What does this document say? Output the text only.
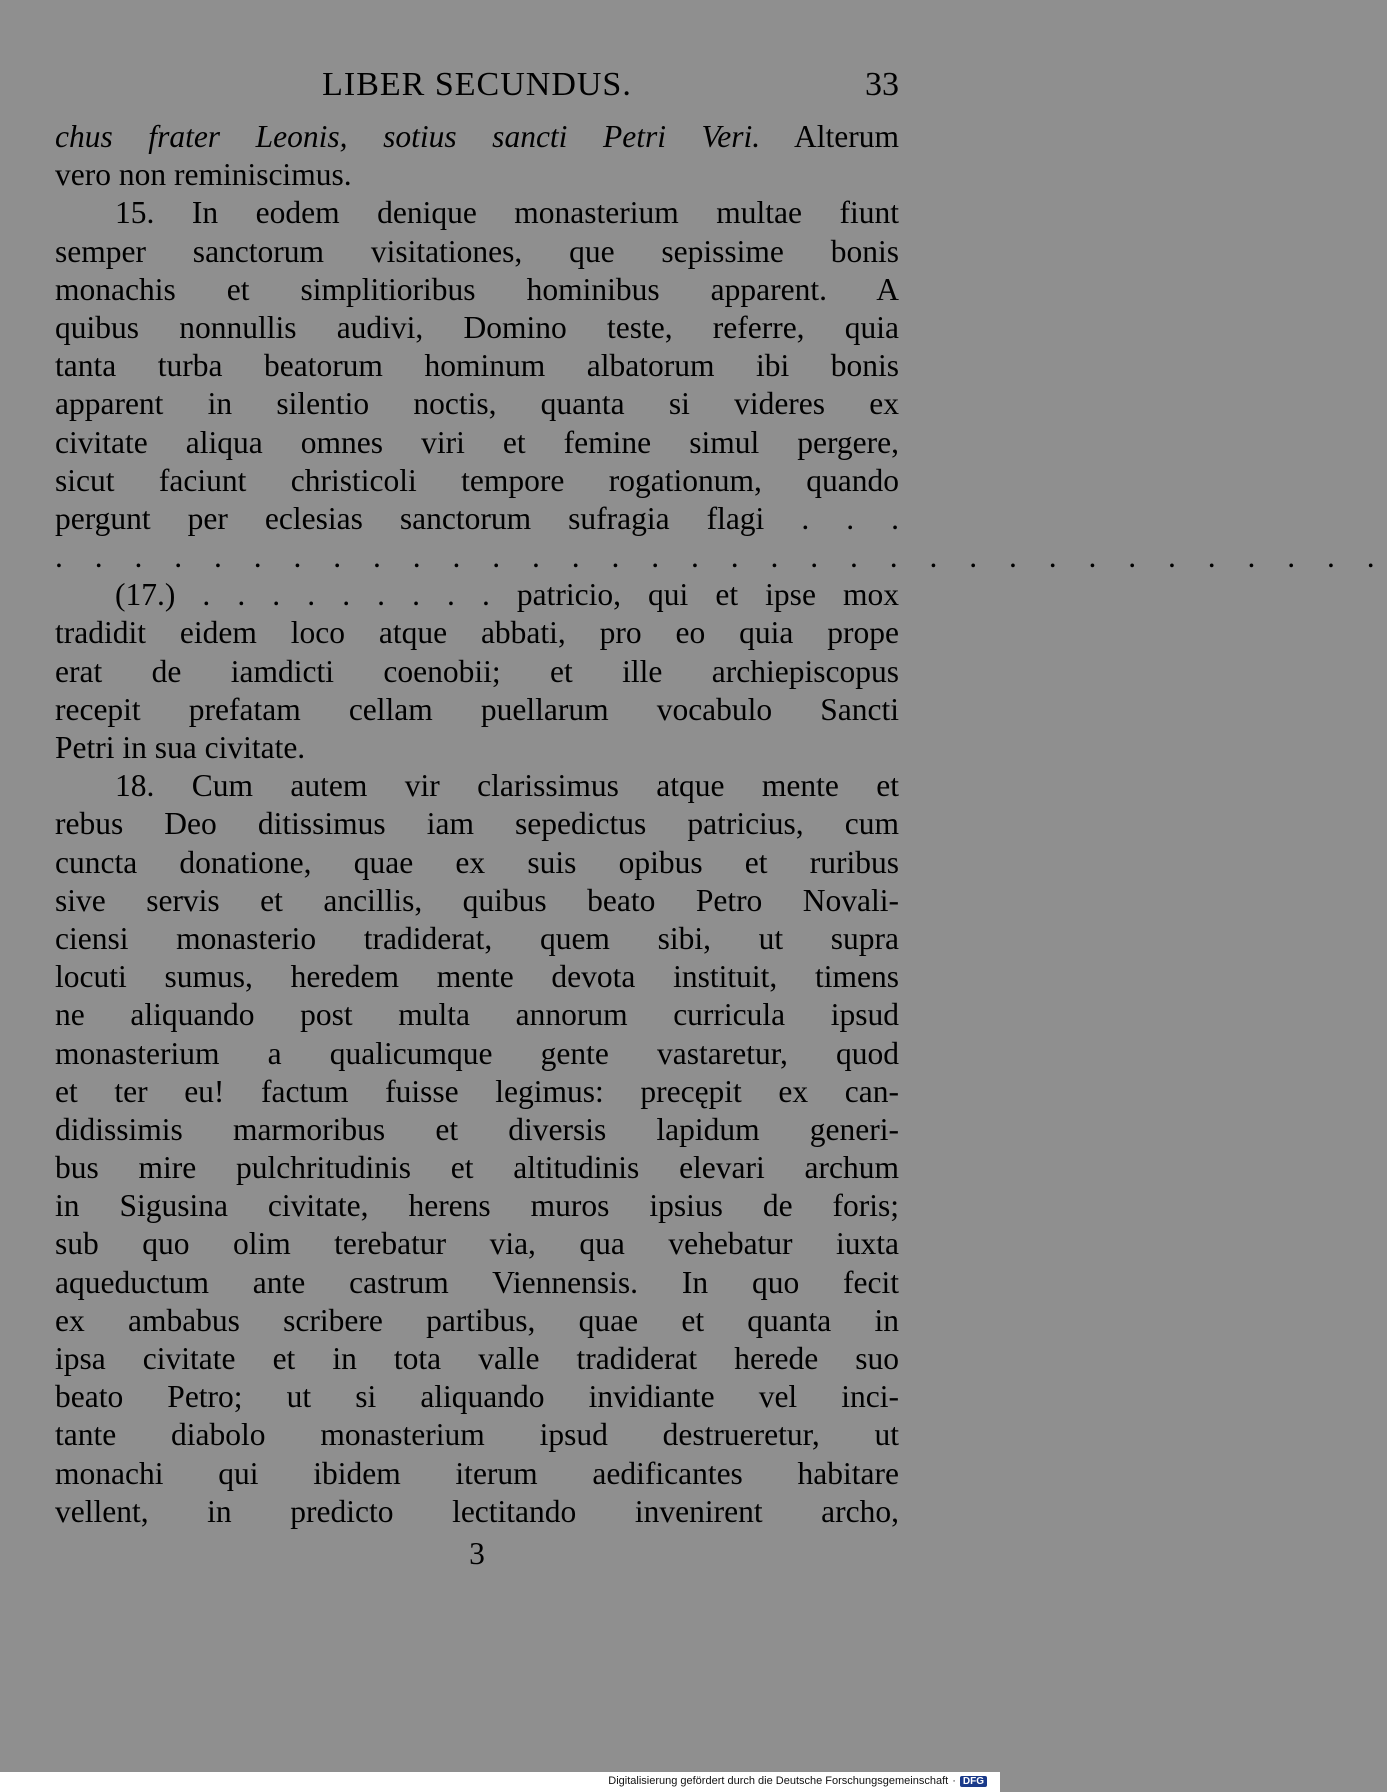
LIBER SECUNDUS.	33
chus frater Leonis, sotius sancti Petri Veri. Alterum
vero non reminiscimus.
15. In eodem denique monasterium multae fiunt
semper sanctorum visitationes, que sepissime bonis
monachis et simplitioribus hominibus apparent. A
quibus nonnullis audivi, Domino teste, referre, quia
tanta turba beatorum hominum albatorum ibi bonis
apparent in silentio noctis, quanta si videres ex
civitate aliqua omnes viri et femine simul pergere,
sicut faciunt christicoli tempore rogationum, quando
pergunt per eclesias sanctorum sufragia flagi . . .
. . . . . . . . . . . . . . . . . . . . . . . . . . . . . . . . . .
(17.) . . . . . . . . . patricio, qui et ipse mox
tradidit eidem loco atque abbati, pro eo quia prope
erat de iamdicti coenobii; et ille archiepiscopus
recepit prefatam cellam puellarum vocabulo Sancti
Petri in sua civitate.
18. Cum autem vir clarissimus atque mente et
rebus Deo ditissimus iam sepedictus patricius, cum
cuncta donatione, quae ex suis opibus et ruribus
sive servis et ancillis, quibus beato Petro Novali-
ciensi monasterio tradiderat, quem sibi, ut supra
locuti sumus, heredem mente devota instituit, timens
ne aliquando post multa annorum curricula ipsud
monasterium a qualicumque gente vastaretur, quod
et ter eu! factum fuisse legimus: precępit ex can-
didissimis marmoribus et diversis lapidum generi-
bus mire pulchritudinis et altitudinis elevari archum
in Sigusina civitate, herens muros ipsius de foris;
sub quo olim terebatur via, qua vehebatur iuxta
aqueductum ante castrum Viennensis. In quo fecit
ex ambabus scribere partibus, quae et quanta in
ipsa civitate et in tota valle tradiderat herede suo
beato Petro; ut si aliquando invidiante vel inci-
tante diabolo monasterium ipsud destrueretur, ut
monachi qui ibidem iterum aedificantes habitare
vellent, in predicto lectitando invenirent archo,
3
Digitalisierung gefördert durch die Deutsche Forschungsgemeinschaft · DFG
